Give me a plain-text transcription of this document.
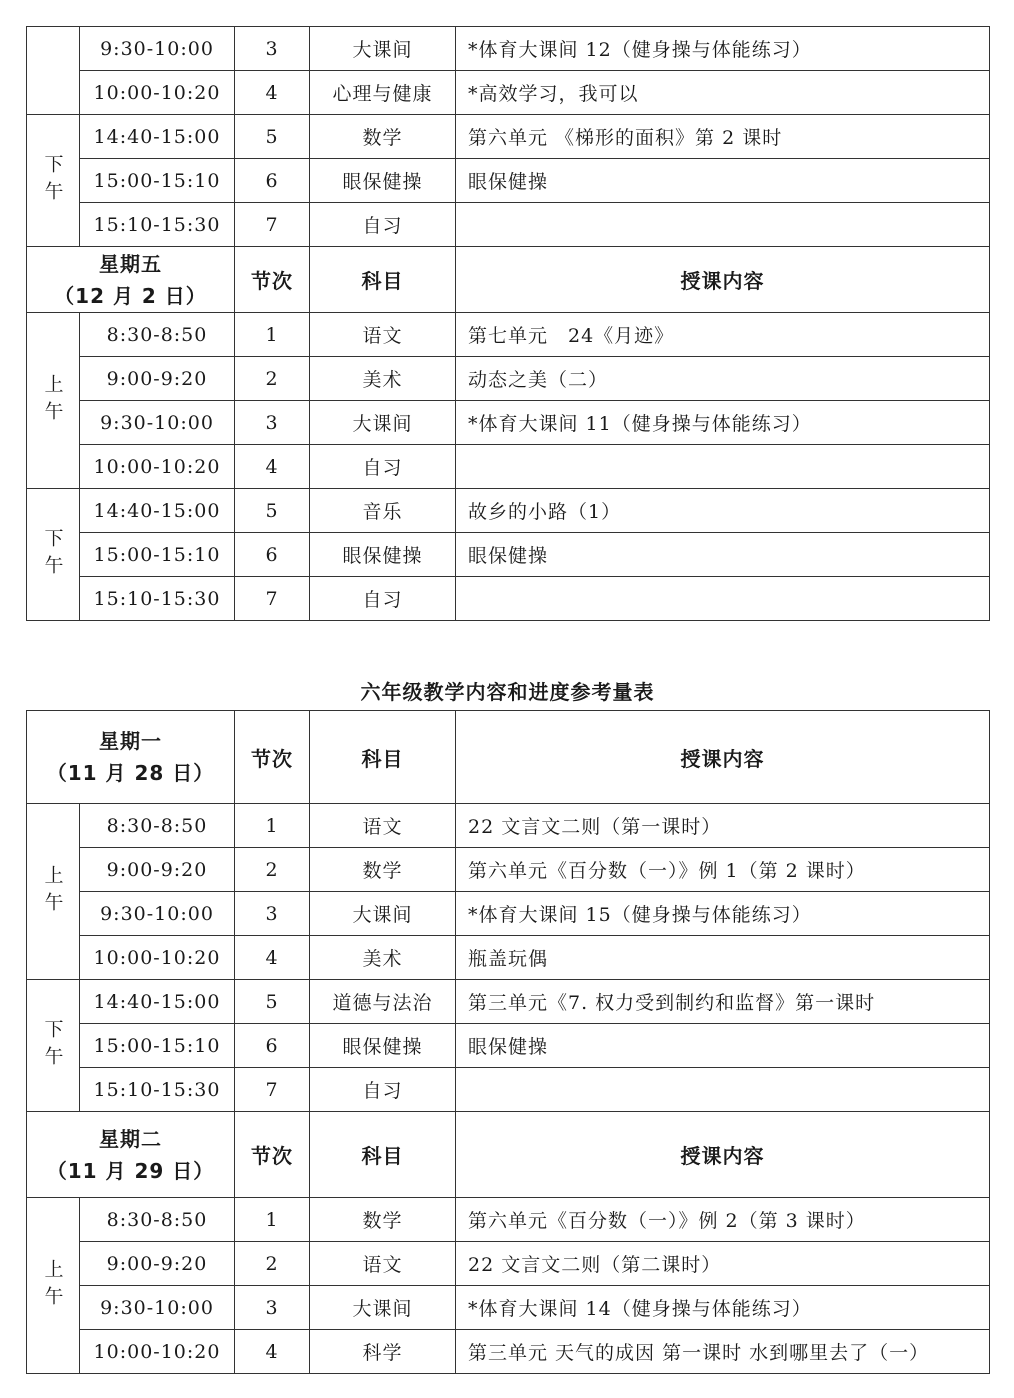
	9:30-10:00	3	大课间	*体育大课间 12（健身操与体能练习）
	10:00-10:20	4	心理与健康	*高效学习，我可以
下午	14:40-15:00	5	数学	第六单元 《梯形的面积》第 2 课时
	15:00-15:10	6	眼保健操	眼保健操
	15:10-15:30	7	自习	

星期五
（12 月 2 日）		节次	科目	授课内容
上午	8:30-8:50	1	语文	第七单元　24《月迹》
	9:00-9:20	2	美术	动态之美（二）
	9:30-10:00	3	大课间	*体育大课间 11（健身操与体能练习）
	10:00-10:20	4	自习	
下午	14:40-15:00	5	音乐	故乡的小路（1）
	15:00-15:10	6	眼保健操	眼保健操
	15:10-15:30	7	自习	
六年级教学内容和进度参考量表
星期一
（11 月 28 日）		节次	科目	授课内容
上午	8:30-8:50	1	语文	22 文言文二则（第一课时）
	9:00-9:20	2	数学	第六单元《百分数（一）》例 1（第 2 课时）
	9:30-10:00	3	大课间	*体育大课间 15（健身操与体能练习）
	10:00-10:20	4	美术	瓶盖玩偶
下午	14:40-15:00	5	道德与法治	第三单元《7. 权力受到制约和监督》第一课时
	15:00-15:10	6	眼保健操	眼保健操
	15:10-15:30	7	自习	

星期二
（11 月 29 日）		节次	科目	授课内容
上午	8:30-8:50	1	数学	第六单元《百分数（一）》例 2（第 3 课时）
	9:00-9:20	2	语文	22 文言文二则（第二课时）
	9:30-10:00	3	大课间	*体育大课间 14（健身操与体能练习）
	10:00-10:20	4	科学	第三单元 天气的成因 第一课时 水到哪里去了（一）
